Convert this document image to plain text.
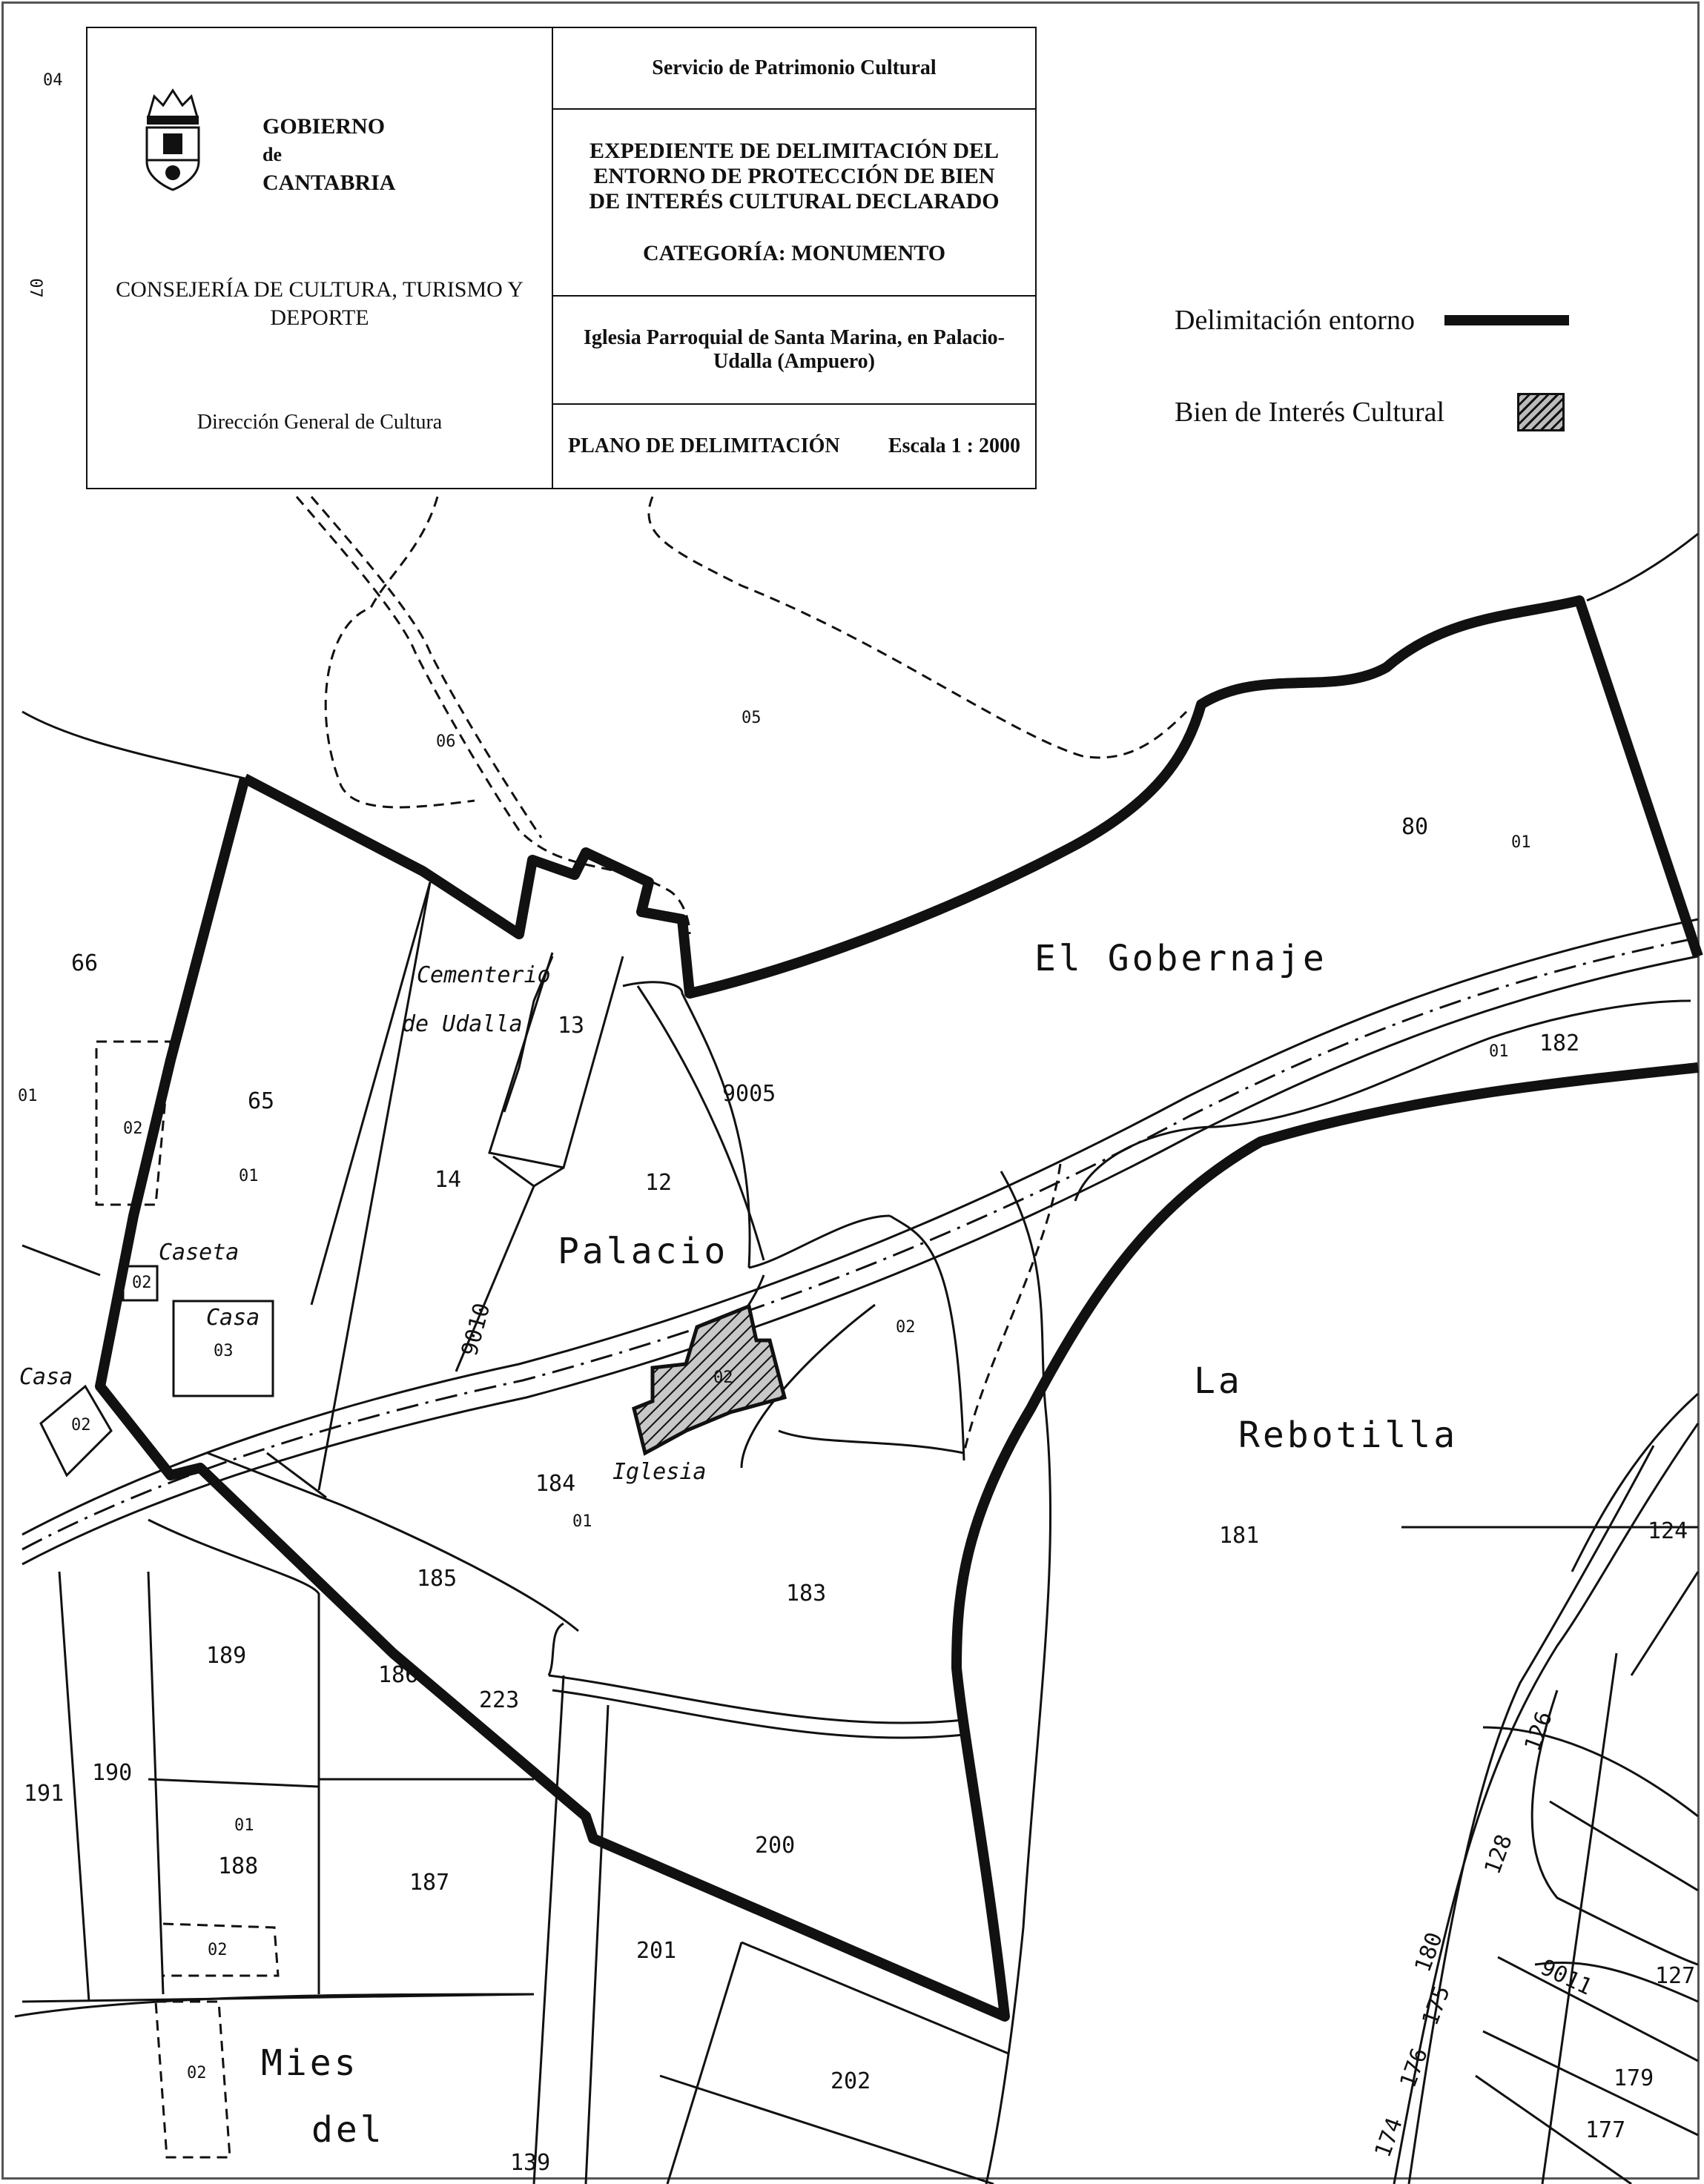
GOBIERNO
de
CANTABRIA
CONSEJERÍA DE CULTURA, TURISMO Y DEPORTE
Dirección General de Cultura
Servicio de Patrimonio Cultural
EXPEDIENTE DE DELIMITACIÓN DEL ENTORNO DE PROTECCIÓN DE BIEN DE INTERÉS CULTURAL DECLARADO
CATEGORÍA: MONUMENTO
Iglesia Parroquial de Santa Marina, en Palacio-Udalla (Ampuero)
PLANO DE DELIMITACIÓN Escala 1 : 2000
Delimitación entorno
Bien de Interés Cultural
El Gobernaje
Palacio
La
Rebotilla
Mies
del
Cementerio
de Udalla
Iglesia
Caseta
Casa
Casa
04
07
06
05
66
80
01
01 182
01
13
9005
65
02
01	14	12
02
03	9010	02
02
02
184
01
181	124
183
185
189
186
223
126
190
191
01
188
187
200	128
02	201	180
9011	127
02	202	179
177
139
176
174
175
